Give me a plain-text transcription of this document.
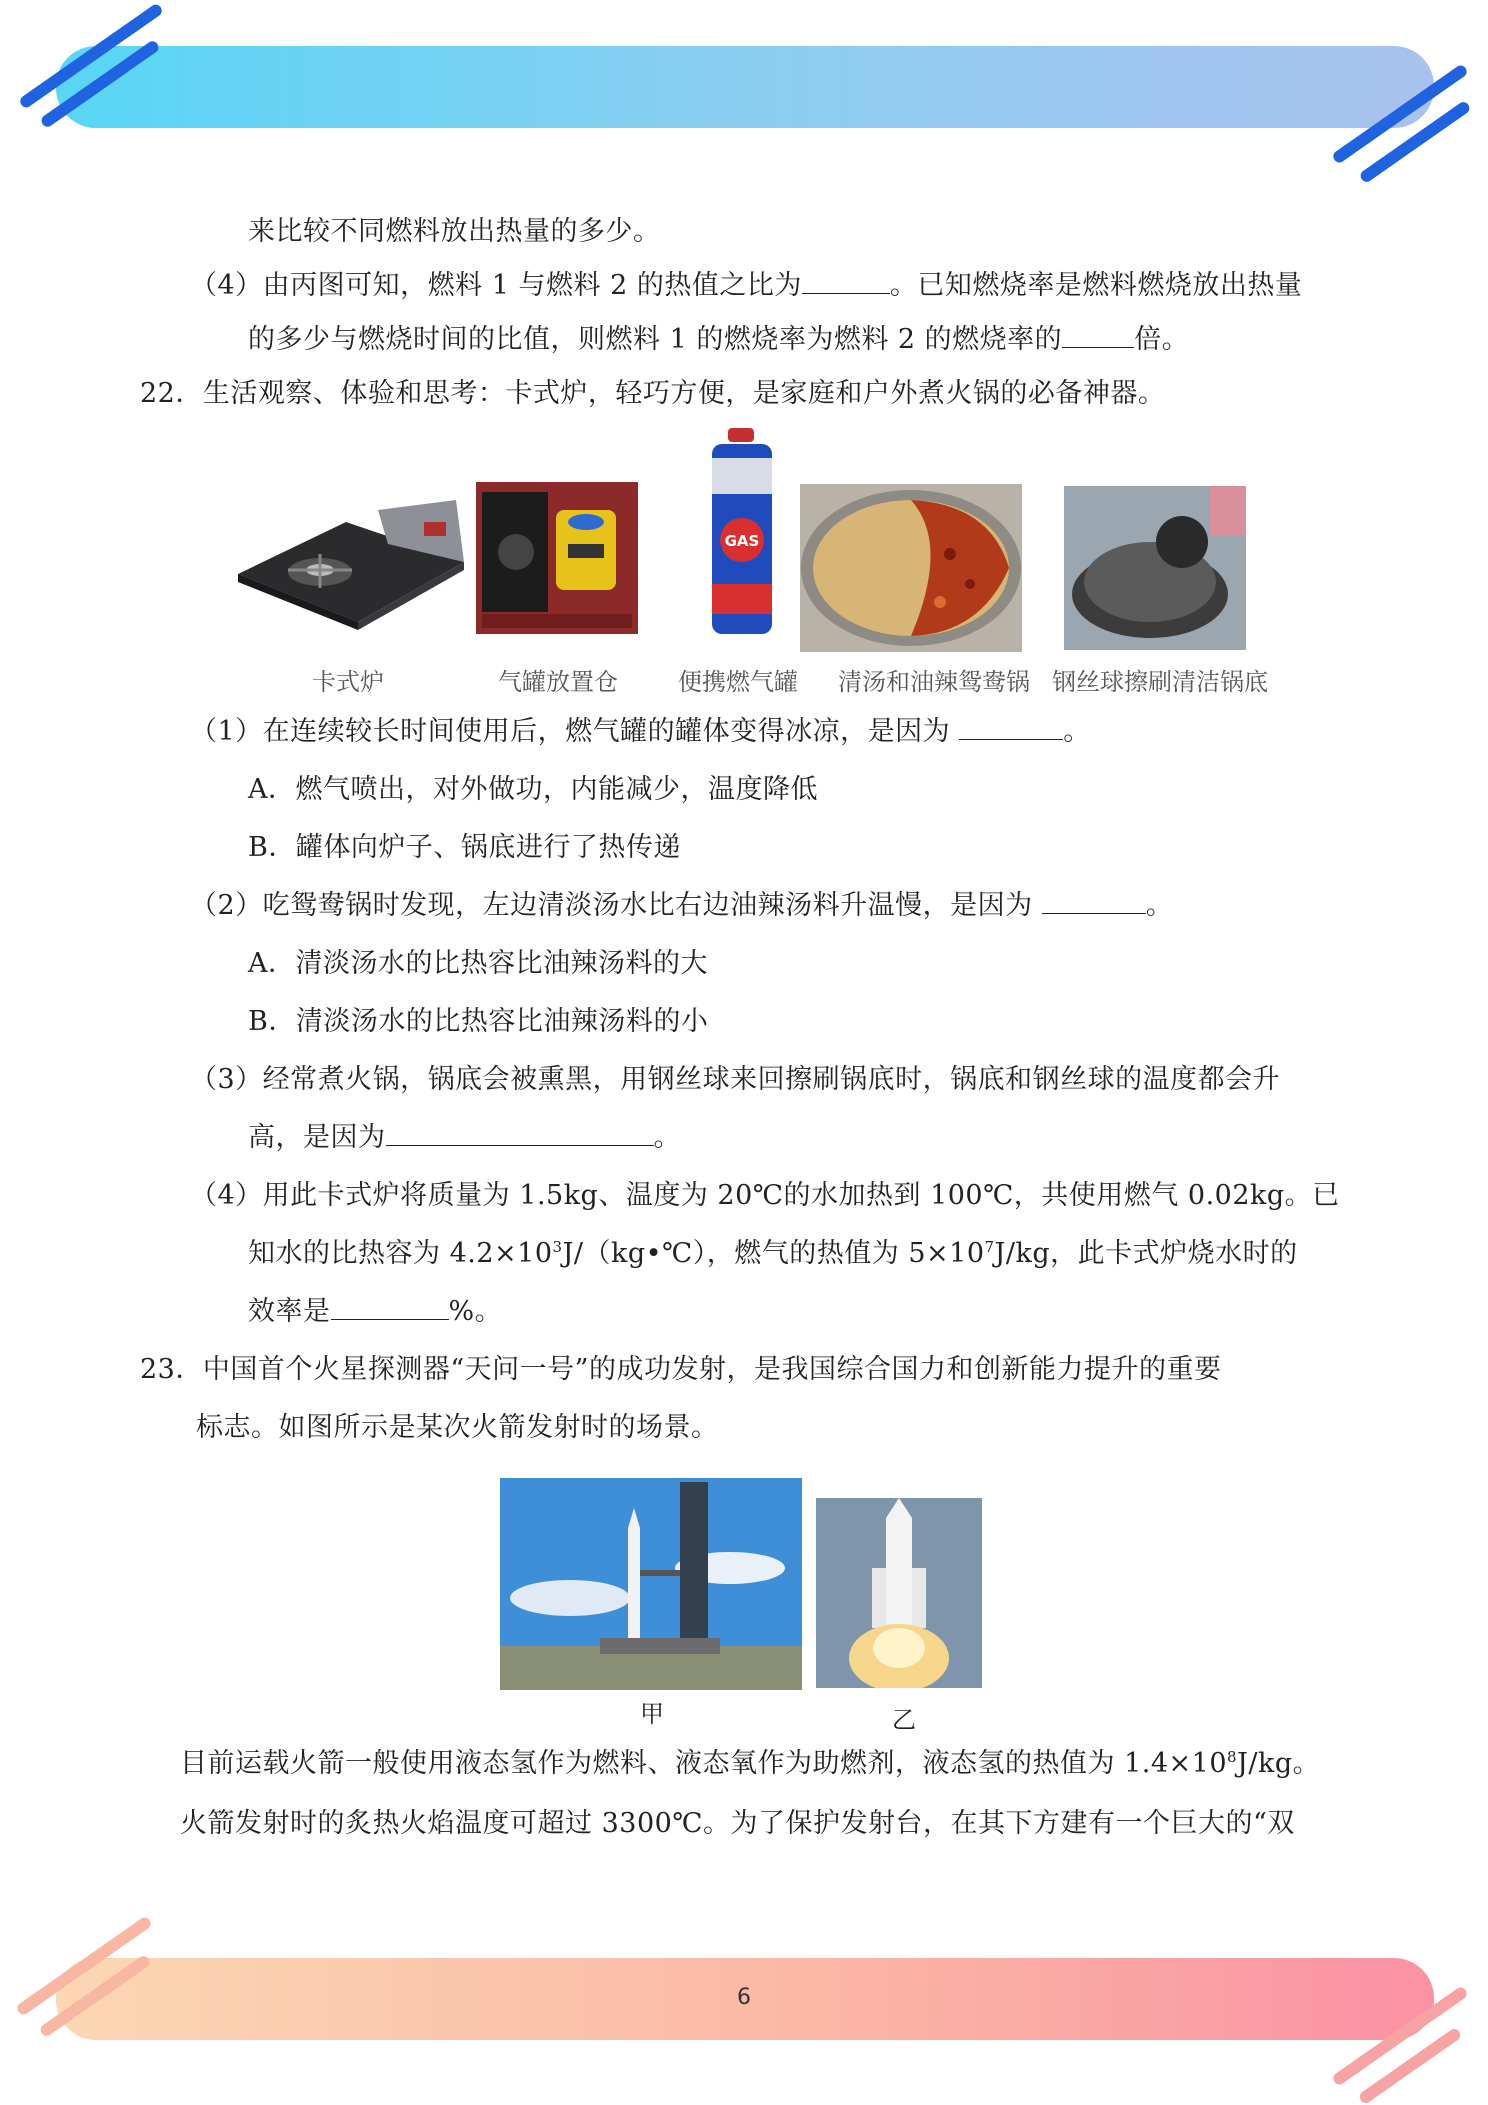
6
来比较不同燃料放出热量的多少。
（4）由丙图可知，燃料 1 与燃料 2 的热值之比为	。已知燃烧率是燃料燃烧放出热量
的多少与燃烧时间的比值，则燃料 1 的燃烧率为燃料 2 的燃烧率的	倍。
22．生活观察、体验和思考：卡式炉，轻巧方便，是家庭和户外煮火锅的必备神器。
GAS
卡式炉	气罐放置仓	便携燃气罐 清汤和油辣鸳鸯锅 钢丝球擦刷清洁锅底
（1）在连续较长时间使用后，燃气罐的罐体变得冰凉，是因为	。
A．燃气喷出，对外做功，内能减少，温度降低
B．罐体向炉子、锅底进行了热传递
（2）吃鸳鸯锅时发现，左边清淡汤水比右边油辣汤料升温慢，是因为	。
A．清淡汤水的比热容比油辣汤料的大
B．清淡汤水的比热容比油辣汤料的小
（3）经常煮火锅，锅底会被熏黑，用钢丝球来回擦刷锅底时，锅底和钢丝球的温度都会升
高，是因为	。
（4）用此卡式炉将质量为 1.5kg、温度为 20℃的水加热到 100℃，共使用燃气 0.02kg。已
知水的比热容为 $4.2\times 10^3J/(kg•℃)$，燃气的热值为 $5\times 10^7J/kg$，此卡式炉烧水时的
效率是	%。
23．中国首个火星探测器“天问一号”的成功发射，是我国综合国力和创新能力提升的重要
标志。如图所示是某次火箭发射时的场景。
甲	乙
目前运载火箭一般使用液态氢作为燃料、液态氧作为助燃剂，液态氢的热值为 $1.4\times 10^8J/kg$。
火箭发射时的炙热火焰温度可超过 3300℃。为了保护发射台，在其下方建有一个巨大的“双
